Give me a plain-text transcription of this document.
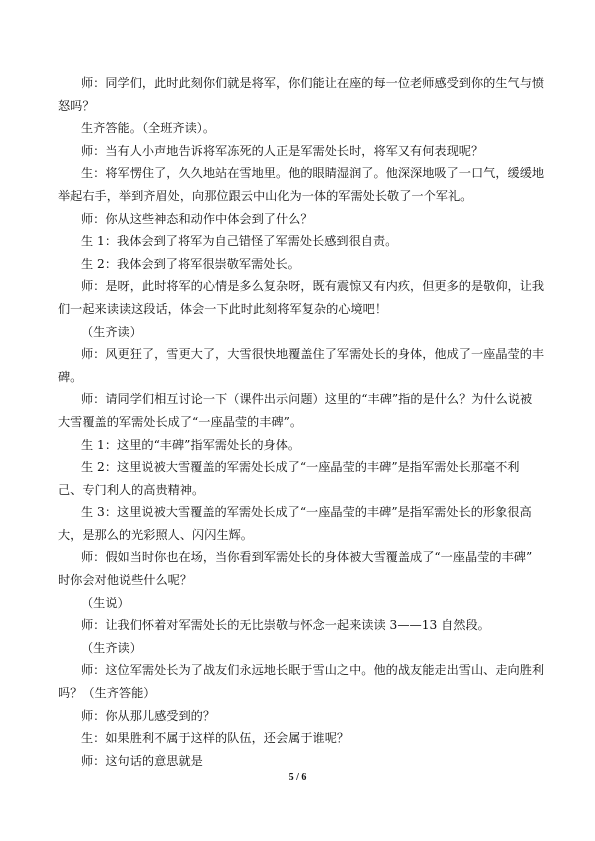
师：同学们，此时此刻你们就是将军，你们能让在座的每一位老师感受到你的生气与愤
怒吗？
生齐答能。（全班齐读）。
师：当有人小声地告诉将军冻死的人正是军需处长时，将军又有何表现呢？
生：将军愣住了，久久地站在雪地里。他的眼睛湿润了。他深深地吸了一口气，缓缓地
举起右手，举到齐眉处，向那位跟云中山化为一体的军需处长敬了一个军礼。
师：你从这些神态和动作中体会到了什么？
生 1：我体会到了将军为自己错怪了军需处长感到很自责。
生 2：我体会到了将军很崇敬军需处长。
师：是呀，此时将军的心情是多么复杂呀，既有震惊又有内疚，但更多的是敬仰，让我
们一起来读读这段话，体会一下此时此刻将军复杂的心境吧！
（生齐读）
师：风更狂了，雪更大了，大雪很快地覆盖住了军需处长的身体，他成了一座晶莹的丰
碑。
师：请同学们相互讨论一下（课件出示问题）这里的“丰碑”指的是什么？为什么说被
大雪覆盖的军需处长成了“一座晶莹的丰碑”。
生 1：这里的“丰碑”指军需处长的身体。
生 2：这里说被大雪覆盖的军需处长成了“一座晶莹的丰碑”是指军需处长那毫不利
己、专门利人的高贵精神。
生 3：这里说被大雪覆盖的军需处长成了“一座晶莹的丰碑”是指军需处长的形象很高
大，是那么的光彩照人、闪闪生辉。
师：假如当时你也在场，当你看到军需处长的身体被大雪覆盖成了“一座晶莹的丰碑”
时你会对他说些什么呢？
（生说）
师：让我们怀着对军需处长的无比崇敬与怀念一起来读读 3——13 自然段。
（生齐读）
师：这位军需处长为了战友们永远地长眠于雪山之中。他的战友能走出雪山、走向胜利
吗？（生齐答能）
师：你从那儿感受到的？
生：如果胜利不属于这样的队伍，还会属于谁呢？
师：这句话的意思就是
5 / 6
